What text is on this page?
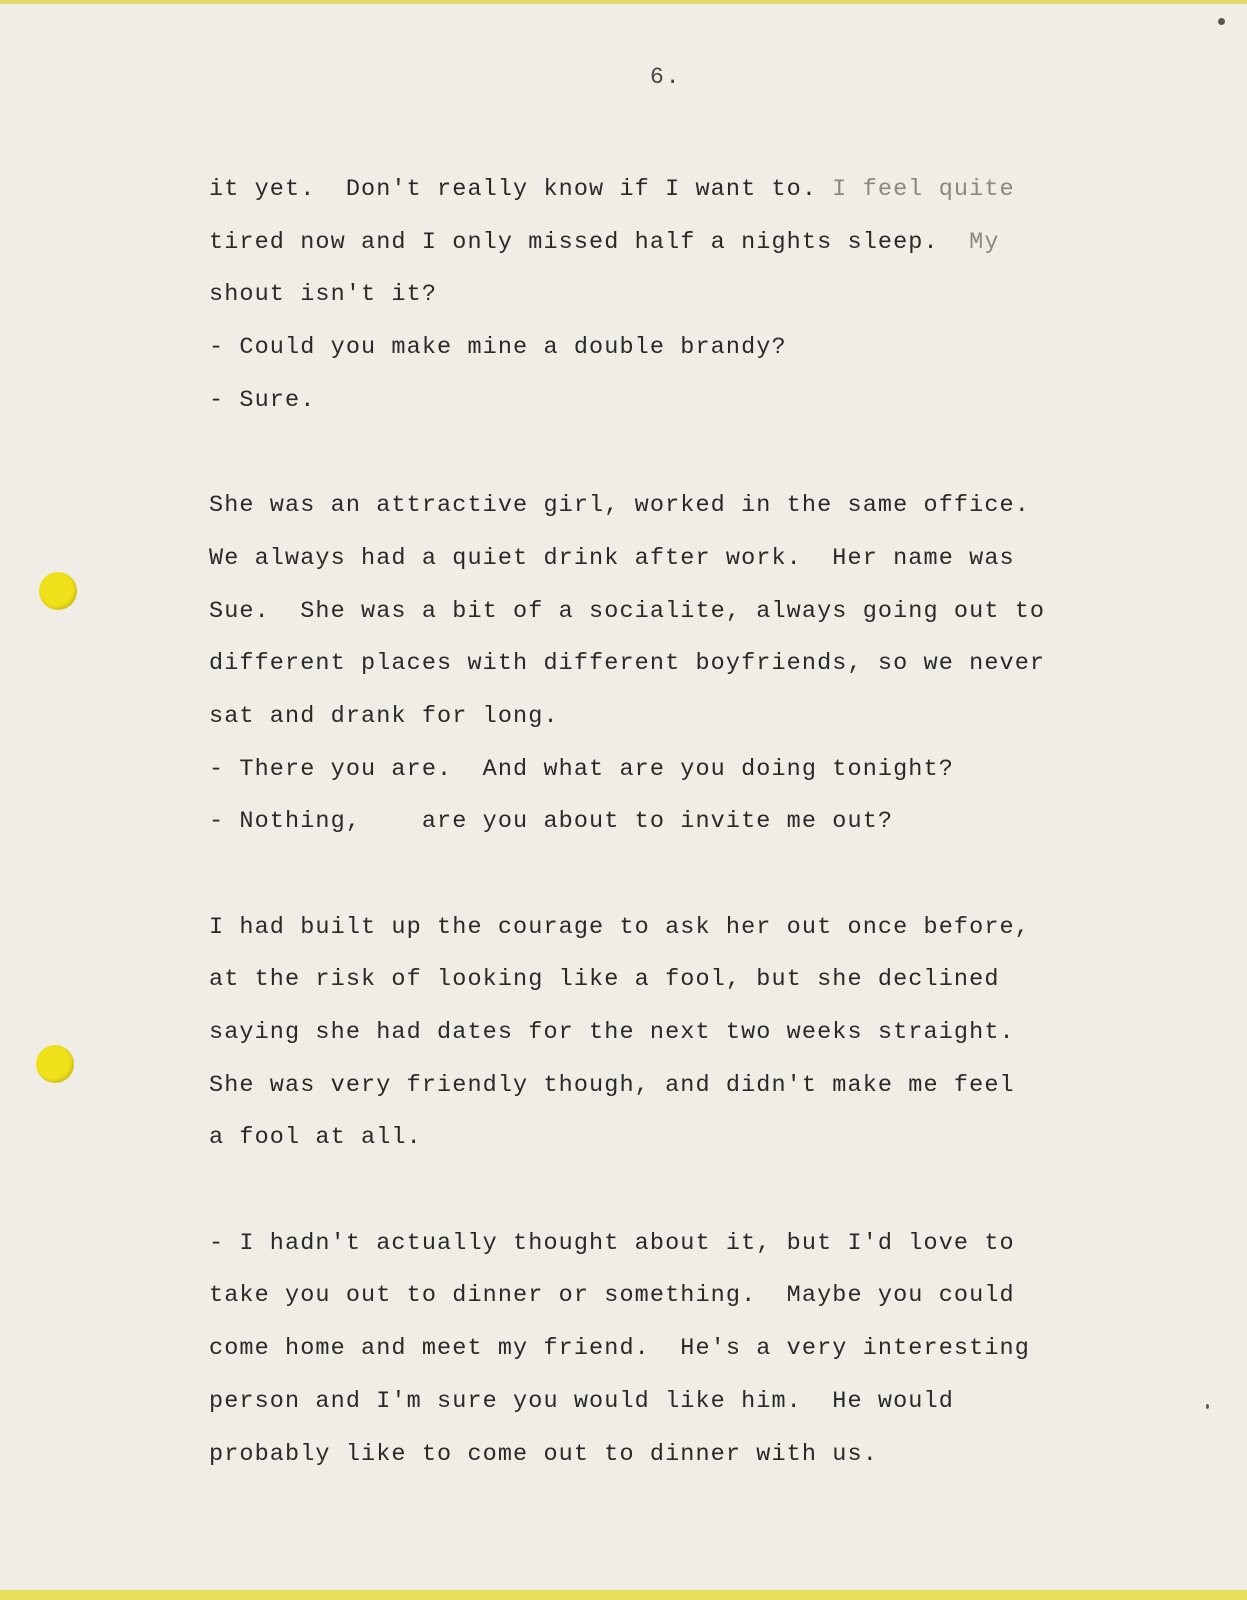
6.
it yet.  Don't really know if I want to. I feel quite
tired now and I only missed half a nights sleep.  My
shout isn't it?
- Could you make mine a double brandy?
- Sure.
She was an attractive girl, worked in the same office.
We always had a quiet drink after work.  Her name was
Sue.  She was a bit of a socialite, always going out to
different places with different boyfriends, so we never
sat and drank for long.
- There you are.  And what are you doing tonight?
- Nothing,    are you about to invite me out?
I had built up the courage to ask her out once before,
at the risk of looking like a fool, but she declined
saying she had dates for the next two weeks straight.
She was very friendly though, and didn't make me feel
a fool at all.
- I hadn't actually thought about it, but I'd love to
take you out to dinner or something.  Maybe you could
come home and meet my friend.  He's a very interesting
person and I'm sure you would like him.  He would
probably like to come out to dinner with us.
